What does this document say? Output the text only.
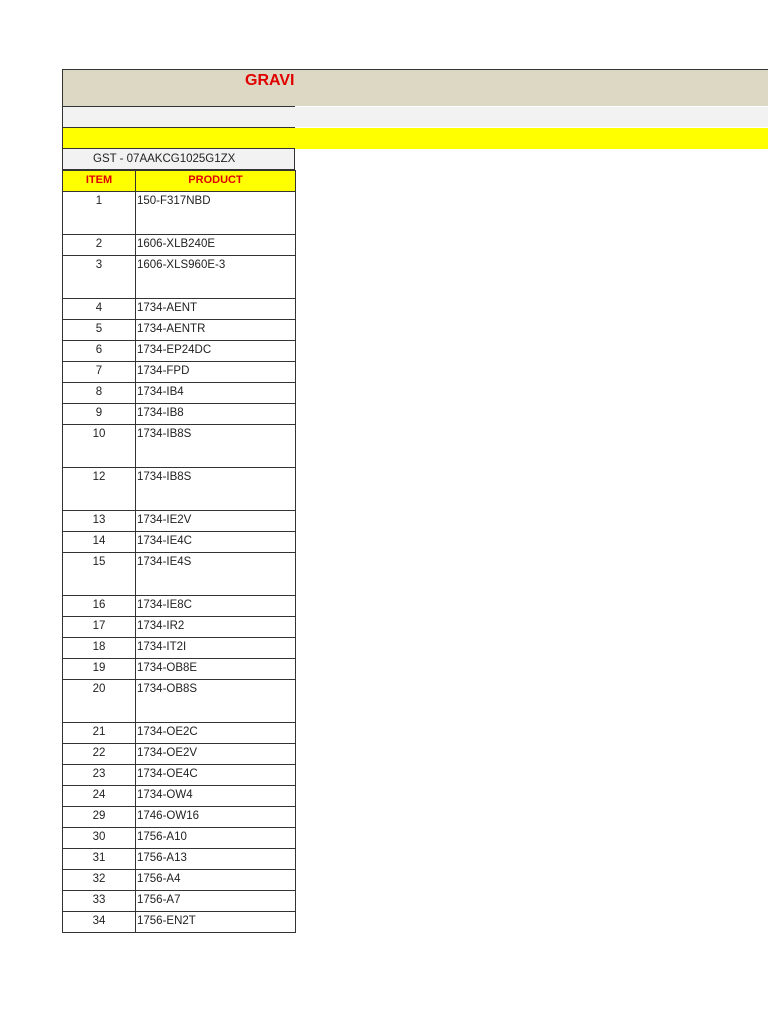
GRAVI
GST - 07AAKCG1025G1ZX
ITEM	PRODUCT
1	150-F317NBD
2	1606-XLB240E
3	1606-XLS960E-3
4	1734-AENT
5	1734-AENTR
6	1734-EP24DC
7	1734-FPD
8	1734-IB4
9	1734-IB8
10	1734-IB8S
12	1734-IB8S
13	1734-IE2V
14	1734-IE4C
15	1734-IE4S
16	1734-IE8C
17	1734-IR2
18	1734-IT2I
19	1734-OB8E
20	1734-OB8S
21	1734-OE2C
22	1734-OE2V
23	1734-OE4C
24	1734-OW4
29	1746-OW16
30	1756-A10
31	1756-A13
32	1756-A4
33	1756-A7
34	1756-EN2T
